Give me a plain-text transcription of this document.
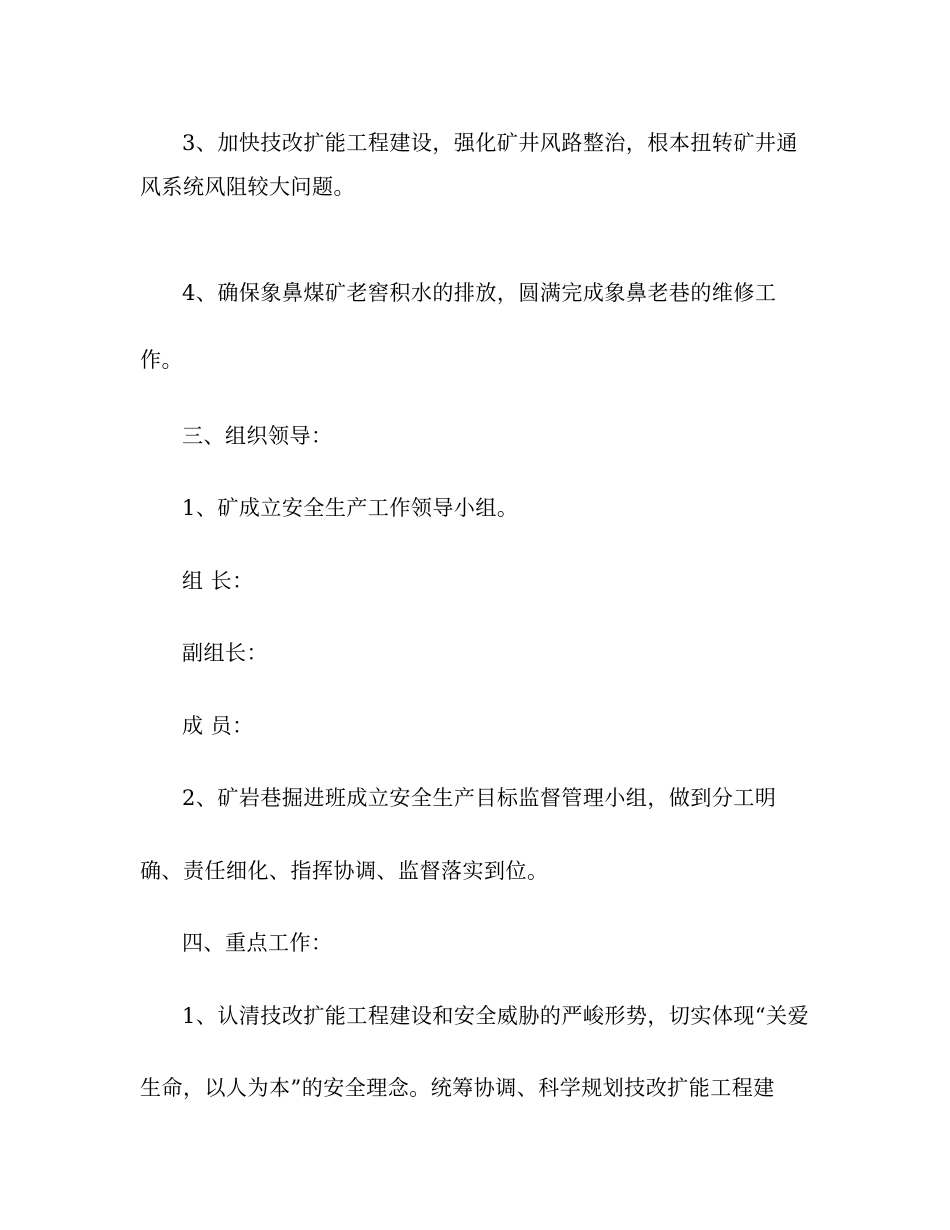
3、加快技改扩能工程建设，强化矿井风路整治，根本扭转矿井通
风系统风阻较大问题。
4、确保象鼻煤矿老窖积水的排放，圆满完成象鼻老巷的维修工
作。
三、组织领导：
1、矿成立安全生产工作领导小组。
组 长：
副组长：
成 员：
2、矿岩巷掘进班成立安全生产目标监督管理小组，做到分工明
确、责任细化、指挥协调、监督落实到位。
四、重点工作：
1、认清技改扩能工程建设和安全威胁的严峻形势，切实体现“关爱
生命，以人为本”的安全理念。统筹协调、科学规划技改扩能工程建
